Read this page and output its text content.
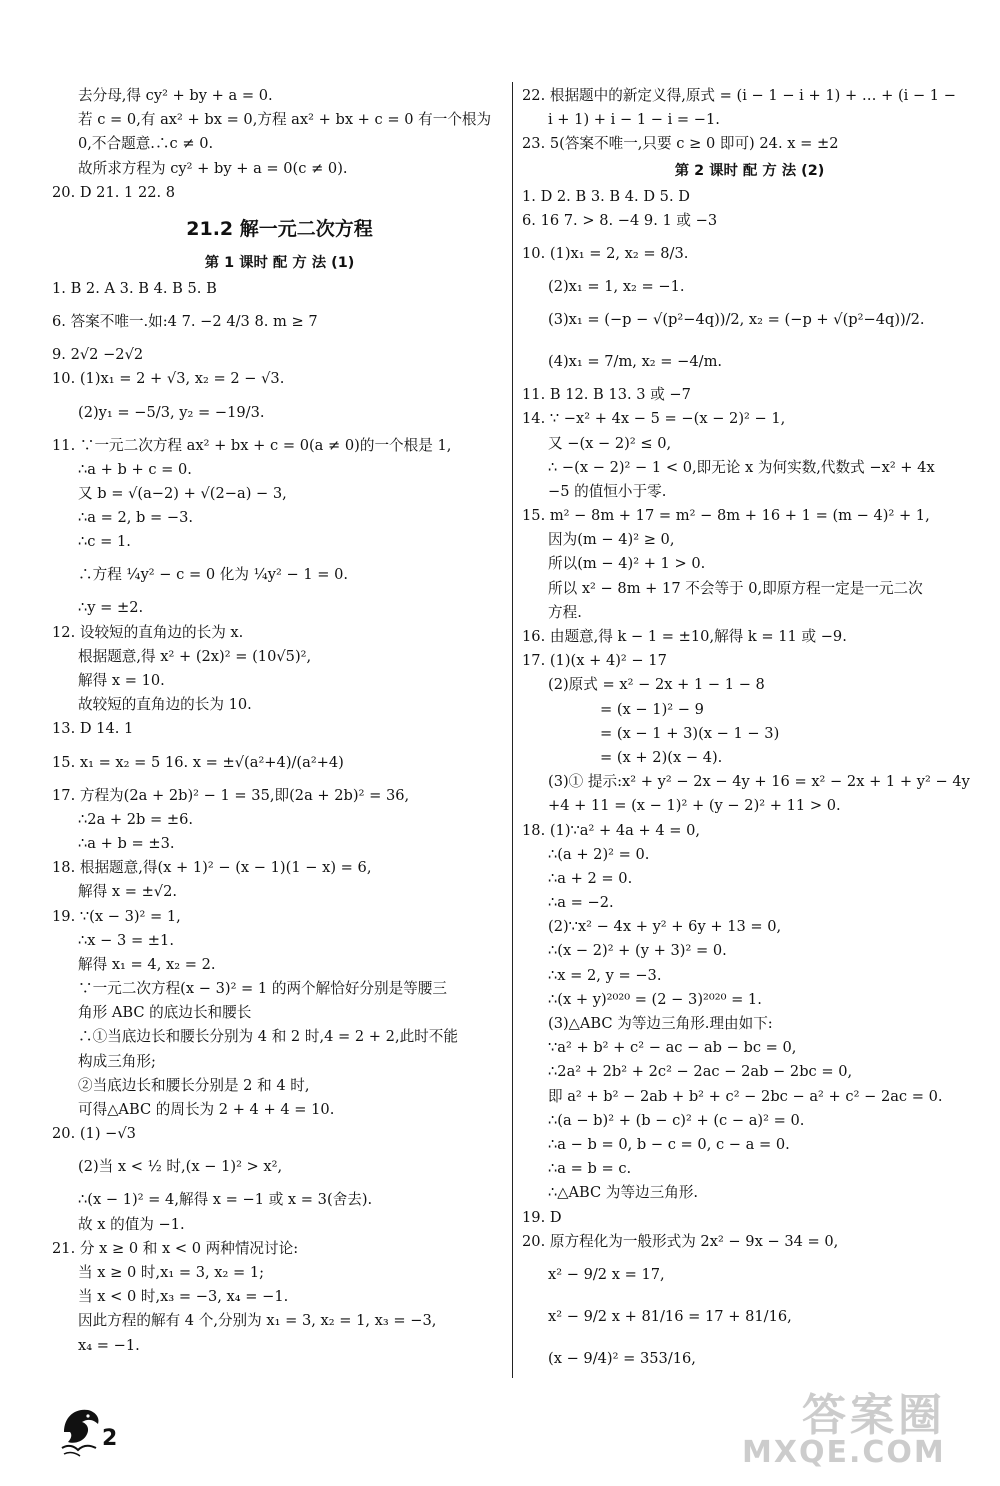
去分母,得 cy² + by + a = 0.
若 c = 0,有 ax² + bx = 0,方程 ax² + bx + c = 0 有一个根为
0,不合题意.∴c ≠ 0.
故所求方程为 cy² + by + a = 0(c ≠ 0).
20. D 21. 1 22. 8
21.2 解一元二次方程
第 1 课时 配 方 法 (1)
1. B 2. A 3. B 4. B 5. B
6. 答案不唯一.如:4 7. −2 4/3 8. m ≥ 7
9. 2√2 −2√2
10. (1)x₁ = 2 + √3, x₂ = 2 − √3.
(2)y₁ = −5/3, y₂ = −19/3.
11. ∵一元二次方程 ax² + bx + c = 0(a ≠ 0)的一个根是 1,
∴a + b + c = 0.
又 b = √(a−2) + √(2−a) − 3,
∴a = 2, b = −3.
∴c = 1.
∴方程 ¼y² − c = 0 化为 ¼y² − 1 = 0.
∴y = ±2.
12. 设较短的直角边的长为 x.
根据题意,得 x² + (2x)² = (10√5)²,
解得 x = 10.
故较短的直角边的长为 10.
13. D 14. 1
15. x₁ = x₂ = 5 16. x = ±√(a²+4)/(a²+4)
17. 方程为(2a + 2b)² − 1 = 35,即(2a + 2b)² = 36,
∴2a + 2b = ±6.
∴a + b = ±3.
18. 根据题意,得(x + 1)² − (x − 1)(1 − x) = 6,
解得 x = ±√2.
19. ∵(x − 3)² = 1,
∴x − 3 = ±1.
解得 x₁ = 4, x₂ = 2.
∵一元二次方程(x − 3)² = 1 的两个解恰好分别是等腰三
角形 ABC 的底边长和腰长
∴①当底边长和腰长分别为 4 和 2 时,4 = 2 + 2,此时不能
构成三角形;
②当底边长和腰长分别是 2 和 4 时,
可得△ABC 的周长为 2 + 4 + 4 = 10.
20. (1) −√3
(2)当 x < ½ 时,(x − 1)² > x²,
∴(x − 1)² = 4,解得 x = −1 或 x = 3(舍去).
故 x 的值为 −1.
21. 分 x ≥ 0 和 x < 0 两种情况讨论:
当 x ≥ 0 时,x₁ = 3, x₂ = 1;
当 x < 0 时,x₃ = −3, x₄ = −1.
因此方程的解有 4 个,分别为 x₁ = 3, x₂ = 1, x₃ = −3,
x₄ = −1.
22. 根据题中的新定义得,原式 = (i − 1 − i + 1) + … + (i − 1 −
i + 1) + i − 1 − i = −1.
23. 5(答案不唯一,只要 c ≥ 0 即可) 24. x = ±2
第 2 课时 配 方 法 (2)
1. D 2. B 3. B 4. D 5. D
6. 16 7. > 8. −4 9. 1 或 −3
10. (1)x₁ = 2, x₂ = 8/3.
(2)x₁ = 1, x₂ = −1.
(3)x₁ = (−p − √(p²−4q))/2, x₂ = (−p + √(p²−4q))/2.
(4)x₁ = 7/m, x₂ = −4/m.
11. B 12. B 13. 3 或 −7
14. ∵ −x² + 4x − 5 = −(x − 2)² − 1,
又 −(x − 2)² ≤ 0,
∴ −(x − 2)² − 1 < 0,即无论 x 为何实数,代数式 −x² + 4x
−5 的值恒小于零.
15. m² − 8m + 17 = m² − 8m + 16 + 1 = (m − 4)² + 1,
因为(m − 4)² ≥ 0,
所以(m − 4)² + 1 > 0.
所以 x² − 8m + 17 不会等于 0,即原方程一定是一元二次
方程.
16. 由题意,得 k − 1 = ±10,解得 k = 11 或 −9.
17. (1)(x + 4)² − 17
(2)原式 = x² − 2x + 1 − 1 − 8
= (x − 1)² − 9
= (x − 1 + 3)(x − 1 − 3)
= (x + 2)(x − 4).
(3)① 提示:x² + y² − 2x − 4y + 16 = x² − 2x + 1 + y² − 4y
+4 + 11 = (x − 1)² + (y − 2)² + 11 > 0.
18. (1)∵a² + 4a + 4 = 0,
∴(a + 2)² = 0.
∴a + 2 = 0.
∴a = −2.
(2)∵x² − 4x + y² + 6y + 13 = 0,
∴(x − 2)² + (y + 3)² = 0.
∴x = 2, y = −3.
∴(x + y)²⁰²⁰ = (2 − 3)²⁰²⁰ = 1.
(3)△ABC 为等边三角形.理由如下:
∵a² + b² + c² − ac − ab − bc = 0,
∴2a² + 2b² + 2c² − 2ac − 2ab − 2bc = 0,
即 a² + b² − 2ab + b² + c² − 2bc − a² + c² − 2ac = 0.
∴(a − b)² + (b − c)² + (c − a)² = 0.
∴a − b = 0, b − c = 0, c − a = 0.
∴a = b = c.
∴△ABC 为等边三角形.
19. D
20. 原方程化为一般形式为 2x² − 9x − 34 = 0,
x² − 9/2 x = 17,
x² − 9/2 x + 81/16 = 17 + 81/16,
(x − 9/4)² = 353/16,
2	答案圈
MXQE.COM
